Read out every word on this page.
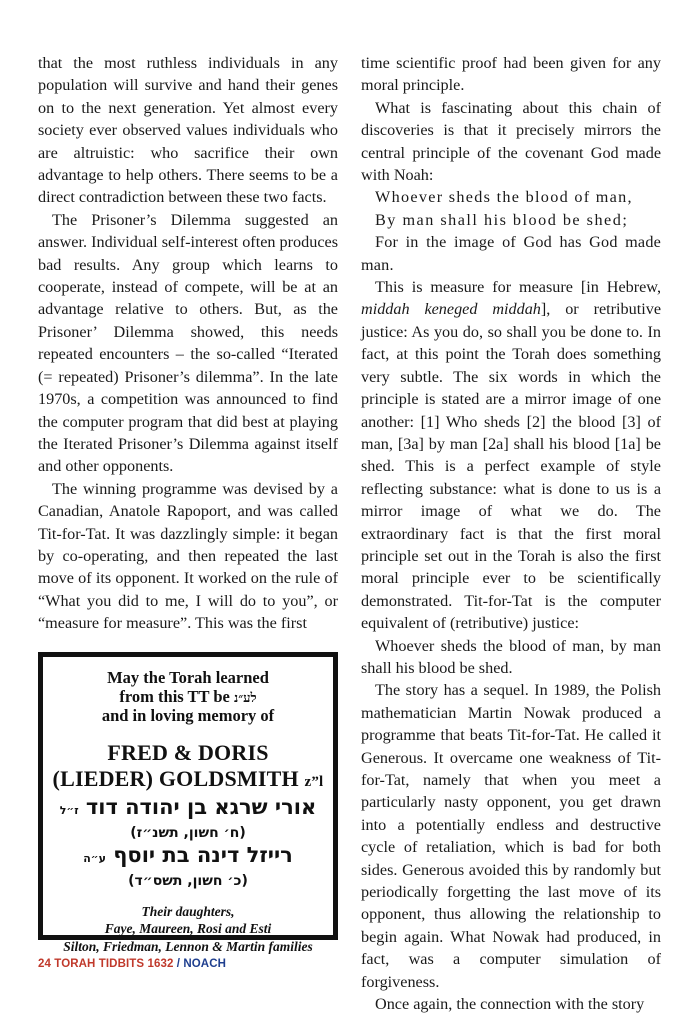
that the most ruthless individuals in any population will survive and hand their genes on to the next generation. Yet almost every society ever observed values individuals who are altruistic: who sacrifice their own advantage to help others. There seems to be a direct contradiction between these two facts.

The Prisoner’s Dilemma suggested an answer. Individual self-interest often produces bad results. Any group which learns to cooperate, instead of compete, will be at an advantage relative to others. But, as the Prisoner’ Dilemma showed, this needs repeated encounters – the so-called “Iterated (= repeated) Prisoner’s dilemma”. In the late 1970s, a competition was announced to find the computer program that did best at playing the Iterated Prisoner’s Dilemma against itself and other opponents.

The winning programme was devised by a Canadian, Anatole Rapoport, and was called Tit-for-Tat. It was dazzlingly simple: it began by co-operating, and then repeated the last move of its opponent. It worked on the rule of “What you did to me, I will do to you”, or “measure for measure”. This was the first

time scientific proof had been given for any moral principle.

What is fascinating about this chain of discoveries is that it precisely mirrors the central principle of the covenant God made with Noah:

Whoever sheds the blood of man,

By man shall his blood be shed;

For in the image of God has God made man.

This is measure for measure [in Hebrew, middah keneged middah], or retributive justice: As you do, so shall you be done to. In fact, at this point the Torah does something very subtle. The six words in which the principle is stated are a mirror image of one another: [1] Who sheds [2] the blood [3] of man, [3a] by man [2a] shall his blood [1a] be shed. This is a perfect example of style reflecting substance: what is done to us is a mirror image of what we do. The extraordinary fact is that the first moral principle set out in the Torah is also the first moral principle ever to be scientifically demonstrated. Tit-for-Tat is the computer equivalent of (retributive) justice:

Whoever sheds the blood of man, by man shall his blood be shed.

The story has a sequel. In 1989, the Polish mathematician Martin Nowak produced a programme that beats Tit-for-Tat. He called it Generous. It overcame one weakness of Tit-for-Tat, namely that when you meet a particularly nasty opponent, you get drawn into a potentially endless and destructive cycle of retaliation, which is bad for both sides. Generous avoided this by randomly but periodically forgetting the last move of its opponent, thus allowing the relationship to begin again. What Nowak had produced, in fact, was a computer simulation of forgiveness.

Once again, the connection with the story

May the Torah learned
from this TT be לע״נ
and in loving memory of
FRED & DORIS
(LIEDER) GOLDSMITH z”l
אורי שרגא בן יהודה דוד ז״ל
(ח׳ חשון, תשנ״ז)
רייזל דינה בת יוסף ע״ה
(כ׳ חשון, תשס״ד)
Their daughters,
Faye, Maureen, Rosi and Esti
Silton, Friedman, Lennon & Martin families
24 TORAH TIDBITS 1632 / NOACH
